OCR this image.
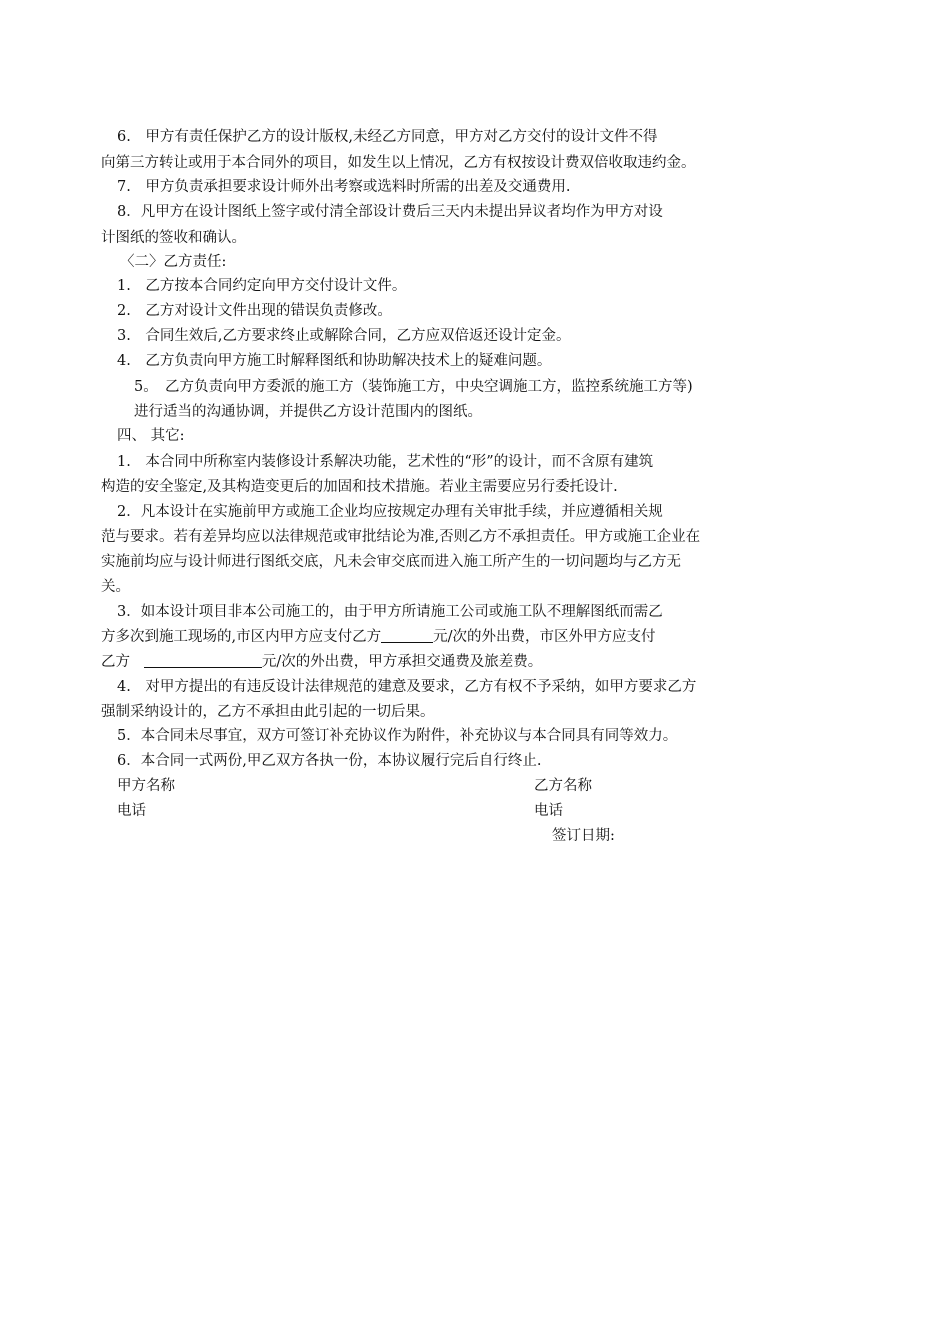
6.　甲方有责任保护乙方的设计版权,未经乙方同意，甲方对乙方交付的设计文件不得
向第三方转让或用于本合同外的项目，如发生以上情况，乙方有权按设计费双倍收取违约金。
7.　甲方负责承担要求设计师外出考察或选料时所需的出差及交通费用.
8．凡甲方在设计图纸上签字或付清全部设计费后三天内未提出异议者均作为甲方对设
计图纸的签收和确认。
〈二〉乙方责任:
1.　乙方按本合同约定向甲方交付设计文件。
2.　乙方对设计文件出现的错误负责修改。
3.　合同生效后,乙方要求终止或解除合同，乙方应双倍返还设计定金。
4.　乙方负责向甲方施工时解释图纸和协助解决技术上的疑难问题。
5。　乙方负责向甲方委派的施工方（装饰施工方，中央空调施工方，监控系统施工方等)
进行适当的沟通协调，并提供乙方设计范围内的图纸。
四、 其它:
1.　本合同中所称室内装修设计系解决功能，艺术性的“形”的设计，而不含原有建筑
构造的安全鉴定,及其构造变更后的加固和技术措施。若业主需要应另行委托设计.
2．凡本设计在实施前甲方或施工企业均应按规定办理有关审批手续，并应遵循相关规
范与要求。若有差异均应以法律规范或审批结论为准,否则乙方不承担责任。甲方或施工企业在
实施前均应与设计师进行图纸交底，凡未会审交底而进入施工所产生的一切问题均与乙方无
关。
3．如本设计项目非本公司施工的，由于甲方所请施工公司或施工队不理解图纸而需乙
方多次到施工现场的,市区内甲方应支付乙方	元/次的外出费，市区外甲方应支付
乙方	元/次的外出费，甲方承担交通费及旅差费。
4.　对甲方提出的有违反设计法律规范的建意及要求，乙方有权不予采纳，如甲方要求乙方
强制采纳设计的，乙方不承担由此引起的一切后果。
5．本合同未尽事宜，双方可签订补充协议作为附件，补充协议与本合同具有同等效力。
6．本合同一式两份,甲乙双方各执一份，本协议履行完后自行终止.
甲方名称	乙方名称
电话	电话
签订日期:
